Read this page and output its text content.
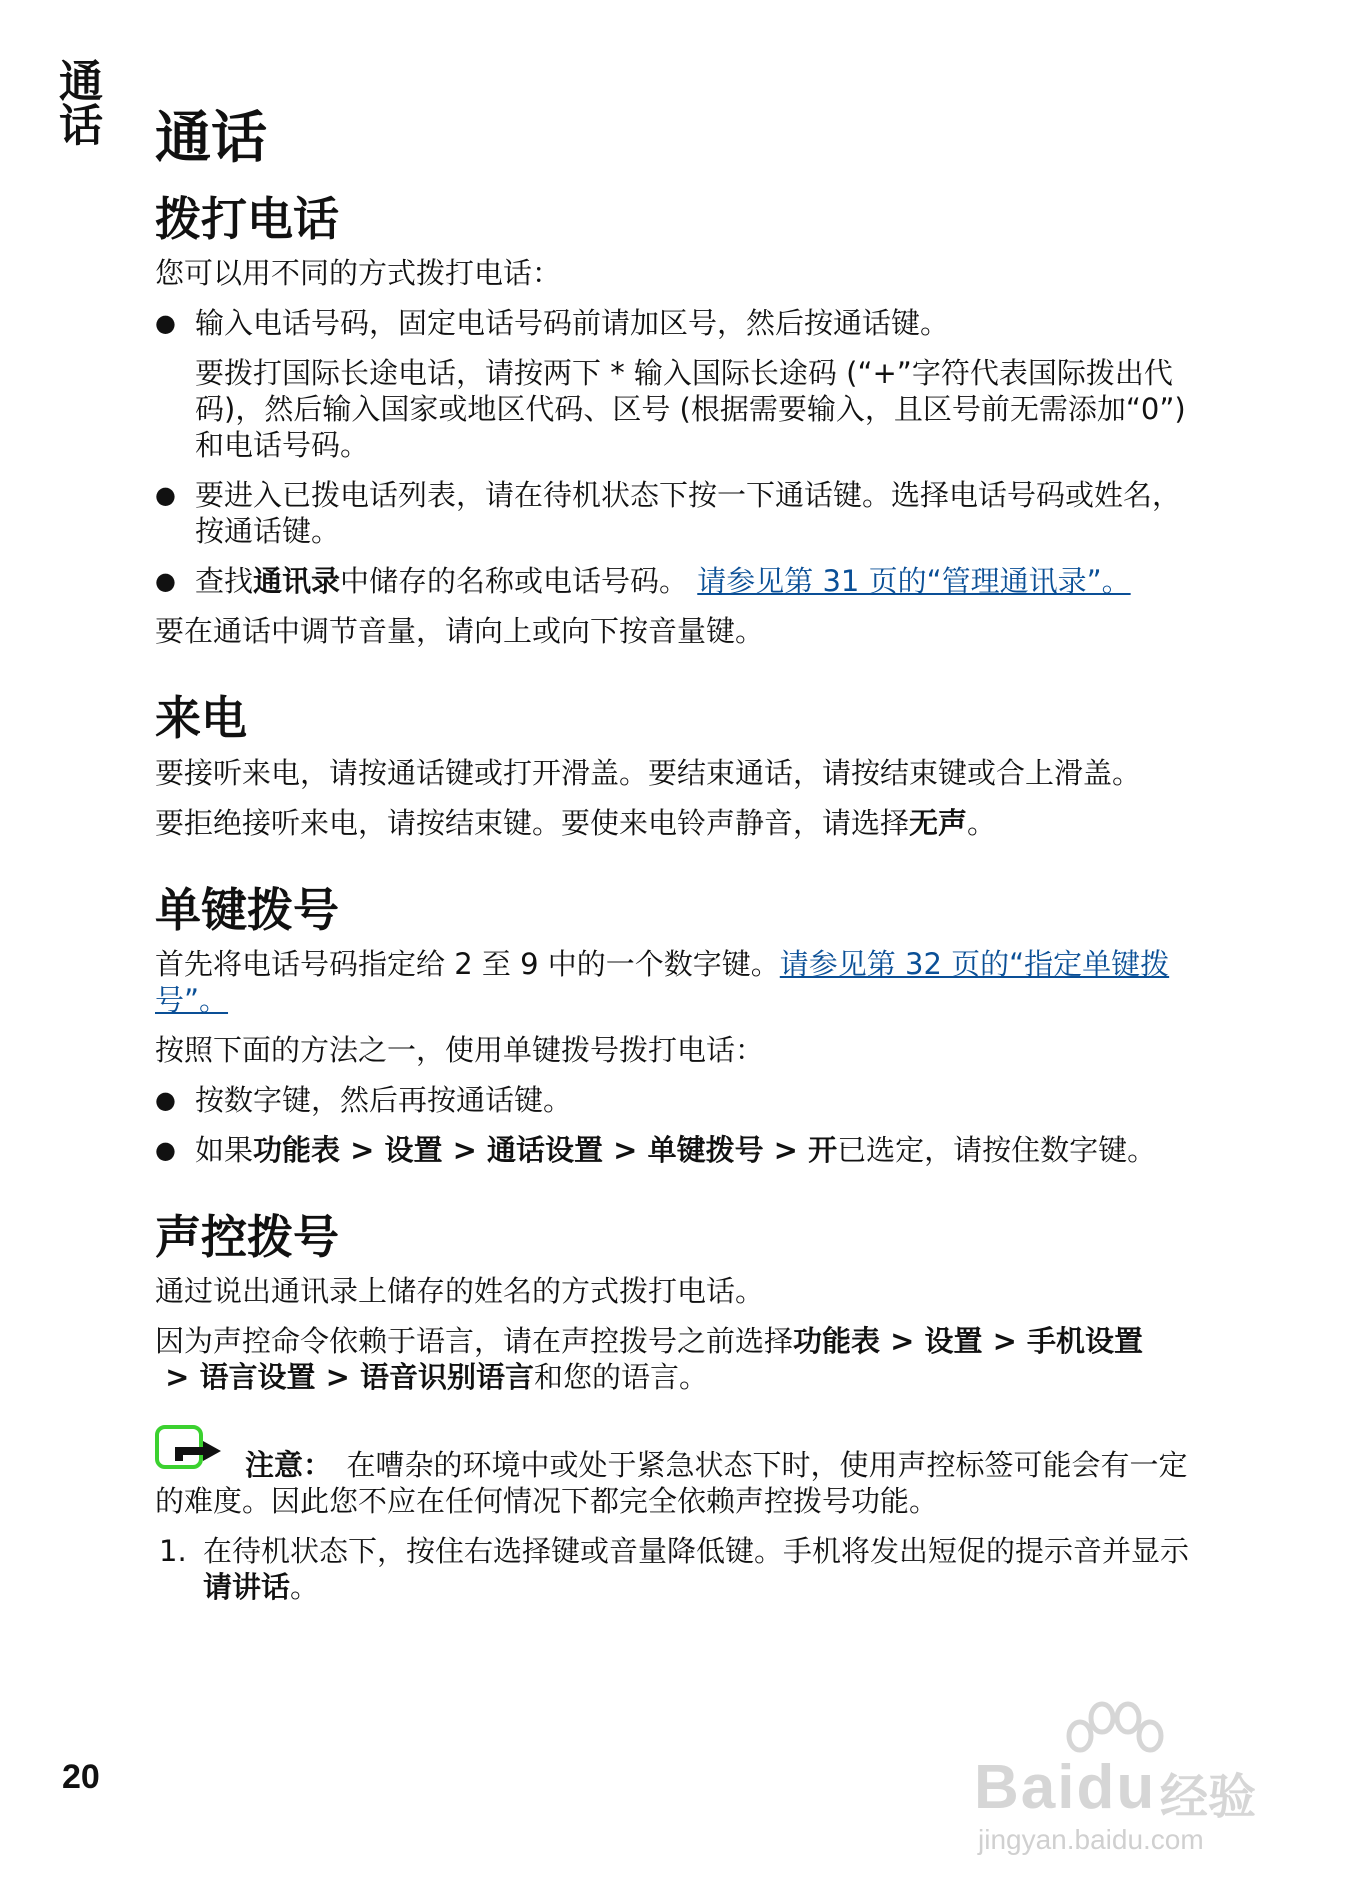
通话
20
通话
拨打电话

您可以用不同的方式拨打电话：

● 输入电话号码，固定电话号码前请加区号，然后按通话键。

要拨打国际长途电话，请按两下 * 输入国际长途码 (“+”字符代表国际拨出代码)，然后输入国家或地区代码、区号 (根据需要输入，且区号前无需添加“0”) 和电话号码。

● 要进入已拨电话列表，请在待机状态下按一下通话键。选择电话号码或姓名，按通话键。
● 查找通讯录中储存的名称或电话号码。 请参见第 31 页的“管理通讯录”。

要在通话中调节音量，请向上或向下按音量键。

来电

要接听来电，请按通话键或打开滑盖。要结束通话，请按结束键或合上滑盖。

要拒绝接听来电，请按结束键。要使来电铃声静音，请选择无声。

单键拨号

首先将电话号码指定给 2 至 9 中的一个数字键。请参见第 32 页的“指定单键拨号”。

按照下面的方法之一，使用单键拨号拨打电话：

● 按数字键，然后再按通话键。
● 如果功能表 > 设置 > 通话设置 > 单键拨号 > 开已选定，请按住数字键。
声控拨号

通过说出通讯录上储存的姓名的方式拨打电话。

因为声控命令依赖于语言，请在声控拨号之前选择功能表 > 设置 > 手机设置 > 语言设置 > 语音识别语言和您的语言。

注意：　在嘈杂的环境中或处于紧急状态下时，使用声控标签可能会有一定的难度。因此您不应在任何情况下都完全依赖声控拨号功能。
1. 在待机状态下，按住右选择键或音量降低键。手机将发出短促的提示音并显示请讲话。
Baidu 经验
jingyan.baidu.com
